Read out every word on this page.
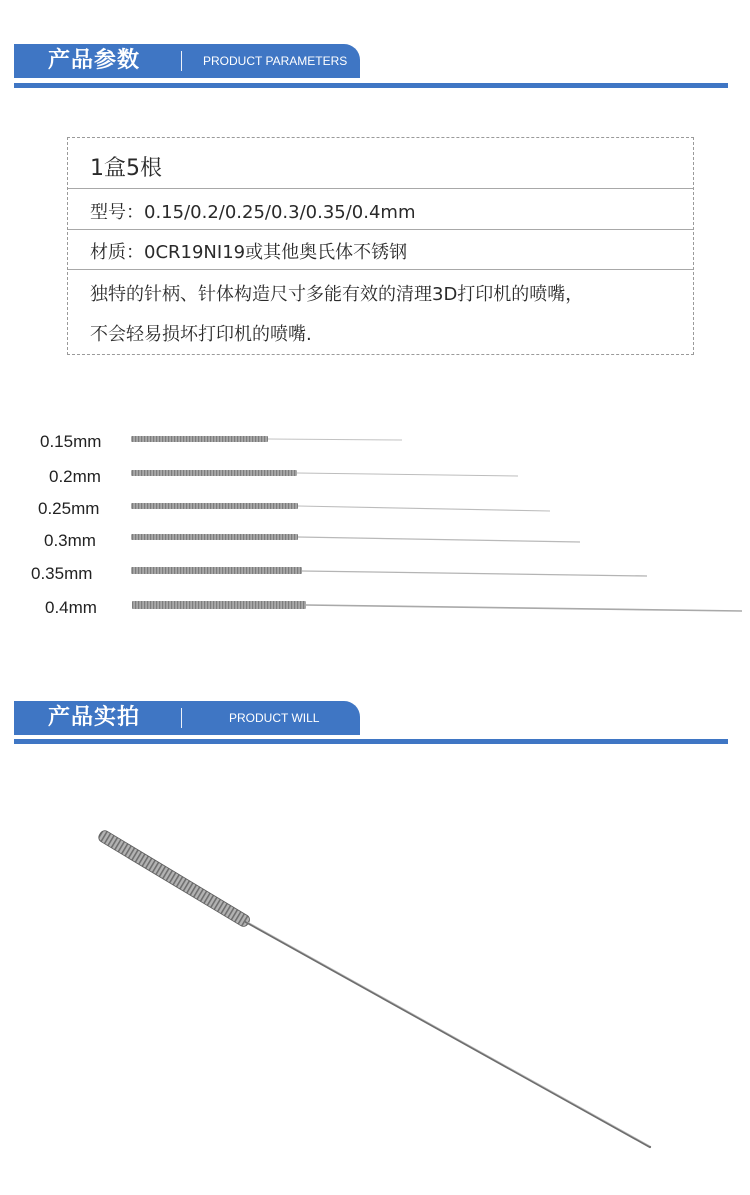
产品参数	PRODUCT PARAMETERS
1盒5根
型号：0.15/0.2/0.25/0.3/0.35/0.4mm
材质：0CR19NI19或其他奥氏体不锈钢
独特的针柄、针体构造尺寸多能有效的清理3D打印机的喷嘴，
不会轻易损坏打印机的喷嘴.
0.15mm
0.2mm
0.25mm
0.3mm
0.35mm
0.4mm
产品实拍	PRODUCT WILL
